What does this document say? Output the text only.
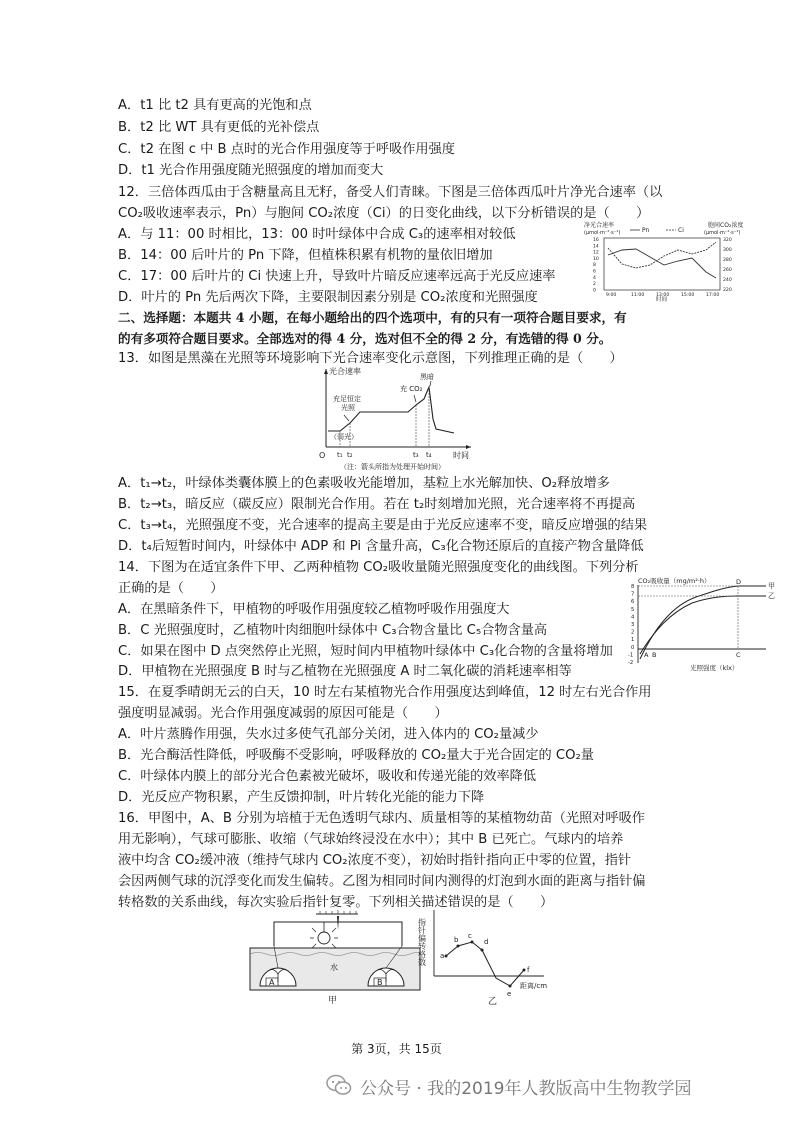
A．t1 比 t2 具有更高的光饱和点
B．t2 比 WT 具有更低的光补偿点
C．t2 在图 c 中 B 点时的光合作用强度等于呼吸作用强度
D．t1 光合作用强度随光照强度的增加而变大
12．三倍体西瓜由于含糖量高且无籽，备受人们青睐。下图是三倍体西瓜叶片净光合速率（以
CO₂吸收速率表示，Pn）与胞间 CO₂浓度（Ci）的日变化曲线，以下分析错误的是（　　）
A．与 11：00 时相比，13：00 时叶绿体中合成 C₃的速率相对较低
B．14：00 后叶片的 Pn 下降，但植株积累有机物的量依旧增加
C．17：00 后叶片的 Ci 快速上升，导致叶片暗反应速率远高于光反应速率
D．叶片的 Pn 先后两次下降，主要限制因素分别是 CO₂浓度和光照强度
二、选择题：本题共 4 小题，在每小题给出的四个选项中，有的只有一项符合题目要求，有
的有多项符合题目要求。全部选对的得 4 分，选对但不全的得 2 分，有选错的得 0 分。
13．如图是黑藻在光照等环境影响下光合速率变化示意图，下列推理正确的是（　　）
A．t₁→t₂，叶绿体类囊体膜上的色素吸收光能增加，基粒上水光解加快、O₂释放增多
B．t₂→t₃，暗反应（碳反应）限制光合作用。若在 t₂时刻增加光照，光合速率将不再提高
C．t₃→t₄，光照强度不变，光合速率的提高主要是由于光反应速率不变，暗反应增强的结果
D．t₄后短暂时间内，叶绿体中 ADP 和 Pi 含量升高，C₃化合物还原后的直接产物含量降低
14．下图为在适宜条件下甲、乙两种植物 CO₂吸收量随光照强度变化的曲线图。下列分析
正确的是（　　）
A．在黑暗条件下，甲植物的呼吸作用强度较乙植物呼吸作用强度大
B．C 光照强度时，乙植物叶肉细胞叶绿体中 C₃合物含量比 C₅合物含量高
C．如果在图中 D 点突然停止光照，短时间内甲植物叶绿体中 C₃化合物的含量将增加
D．甲植物在光照强度 B 时与乙植物在光照强度 A 时二氧化碳的消耗速率相等
15．在夏季晴朗无云的白天，10 时左右某植物光合作用强度达到峰值，12 时左右光合作用
强度明显减弱。光合作用强度减弱的原因可能是（　　）
A．叶片蒸腾作用强，失水过多使气孔部分关闭，进入体内的 CO₂量减少
B．光合酶活性降低，呼吸酶不受影响，呼吸释放的 CO₂量大于光合固定的 CO₂量
C．叶绿体内膜上的部分光合色素被光破坏，吸收和传递光能的效率降低
D．光反应产物积累，产生反馈抑制，叶片转化光能的能力下降
16．甲图中，A、B 分别为培植于无色透明气球内、质量相等的某植物幼苗（光照对呼吸作
用无影响），气球可膨胀、收缩（气球始终浸没在水中）；其中 B 已死亡。气球内的培养
液中均含 CO₂缓冲液（维持气球内 CO₂浓度不变），初始时指针指向正中零的位置，指针
会因两侧气球的沉浮变化而发生偏转。乙图为相同时间内测得的灯泡到水面的距离与指针偏
转格数的关系曲线，每次实验后指针复零。下列相关描述错误的是（　　）
净光合速率
(μmol·m⁻²·s⁻¹)	Pn	Ci
胞间CO₂浓度
(μmol·m⁻²·s⁻¹)
16
14
12
10
8
6
4
2
0
320
300
280
260
240
220
9:00	11:00	13:00	15:00	17:00
时间
光合速率
时间
O
充足恒定
光照
充 CO₂
黑暗
（弱光）
t₁ t₂	t₃ t₄
（注：箭头所指为处理开始时间）
CO₂吸收量（mg/m²·h）
8
7
6
5
4
3
2
1
0
-1
-2
甲
乙
A B	C
D
光照强度（klx）
A	B
水
甲
指针偏转格数 a
b c
d
e
f
距离/cm
乙
第 3页，共 15页
公众号 · 我的2019年人教版高中生物教学园
